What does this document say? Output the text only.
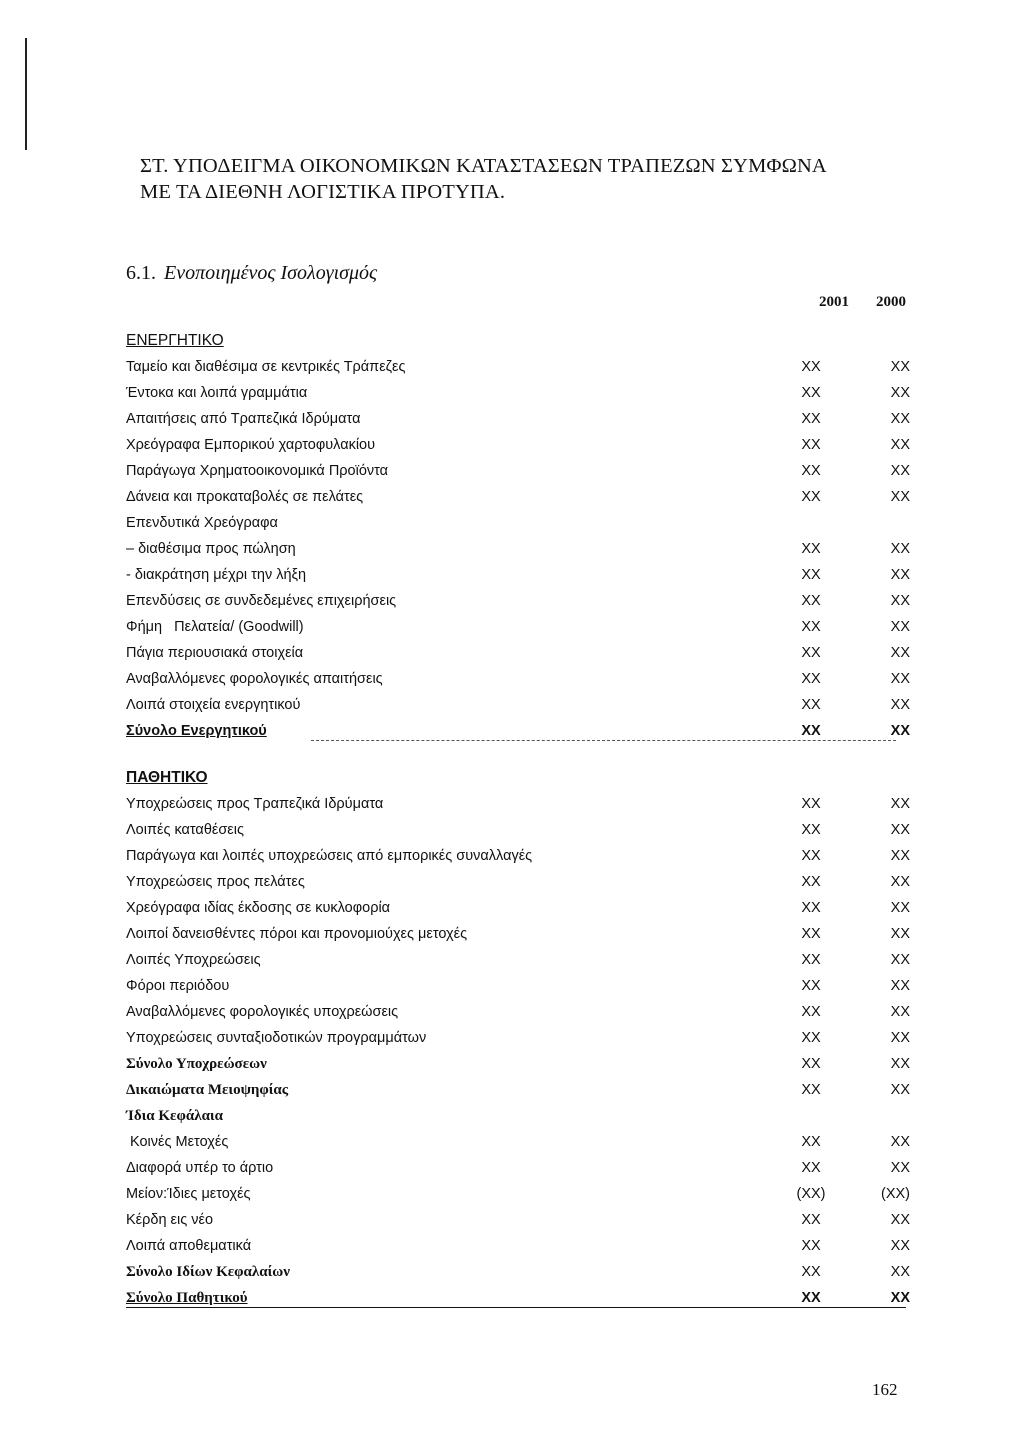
ΣΤ. ΥΠΟΔΕΙΓΜΑ ΟΙΚΟΝΟΜΙΚΩΝ ΚΑΤΑΣΤΑΣΕΩΝ ΤΡΑΠΕΖΩΝ ΣΥΜΦΩΝΑ
ΜΕ ΤΑ ΔΙΕΘΝΗ ΛΟΓΙΣΤΙΚΑ ΠΡΟΤΥΠΑ.
6.1. Ενοποιημένος Ισολογισμός
2001	2000
ΕΝΕΡΓΗΤΙΚΟ
Ταμείο και διαθέσιμα σε κεντρικές Τράπεζες	XX	XX
Έντοκα και λοιπά γραμμάτια	XX	XX
Απαιτήσεις από Τραπεζικά Ιδρύματα	XX	XX
Χρεόγραφα Εμπορικού χαρτοφυλακίου	XX	XX
Παράγωγα Χρηματοοικονομικά Προϊόντα	XX	XX
Δάνεια και προκαταβολές σε πελάτες	XX	XX
Επενδυτικά Χρεόγραφα
– διαθέσιμα προς πώληση	XX	XX
- διακράτηση μέχρι την λήξη	XX	XX
Επενδύσεις σε συνδεδεμένες επιχειρήσεις	XX	XX
Φήμη   Πελατεία/ (Goodwill)	XX	XX
Πάγια περιουσιακά στοιχεία	XX	XX
Αναβαλλόμενες φορολογικές απαιτήσεις	XX	XX
Λοιπά στοιχεία ενεργητικού	XX	XX
Σύνολο Ενεργητικού	XX	XX
ΠΑΘΗΤΙΚΟ
Υποχρεώσεις προς Τραπεζικά Ιδρύματα	XX	XX
Λοιπές καταθέσεις	XX	XX
Παράγωγα και λοιπές υποχρεώσεις από εμπορικές συναλλαγές	XX	XX
Υποχρεώσεις προς πελάτες	XX	XX
Χρεόγραφα ιδίας έκδοσης σε κυκλοφορία	XX	XX
Λοιποί δανεισθέντες πόροι και προνομιούχες μετοχές	XX	XX
Λοιπές Υποχρεώσεις	XX	XX
Φόροι περιόδου	XX	XX
Αναβαλλόμενες φορολογικές υποχρεώσεις	XX	XX
Υποχρεώσεις συνταξιοδοτικών προγραμμάτων	XX	XX
Σύνολο Υποχρεώσεων	XX	XX
Δικαιώματα Μειοψηφίας	XX	XX
Ίδια Κεφάλαια
Κοινές Μετοχές	XX	XX
Διαφορά υπέρ το άρτιο	XX	XX
Μείον:Ίδιες μετοχές	(XX)	(XX)
Κέρδη εις νέο	XX	XX
Λοιπά αποθεματικά	XX	XX
Σύνολο Ιδίων Κεφαλαίων	XX	XX
Σύνολο Παθητικού	XX	XX
162
